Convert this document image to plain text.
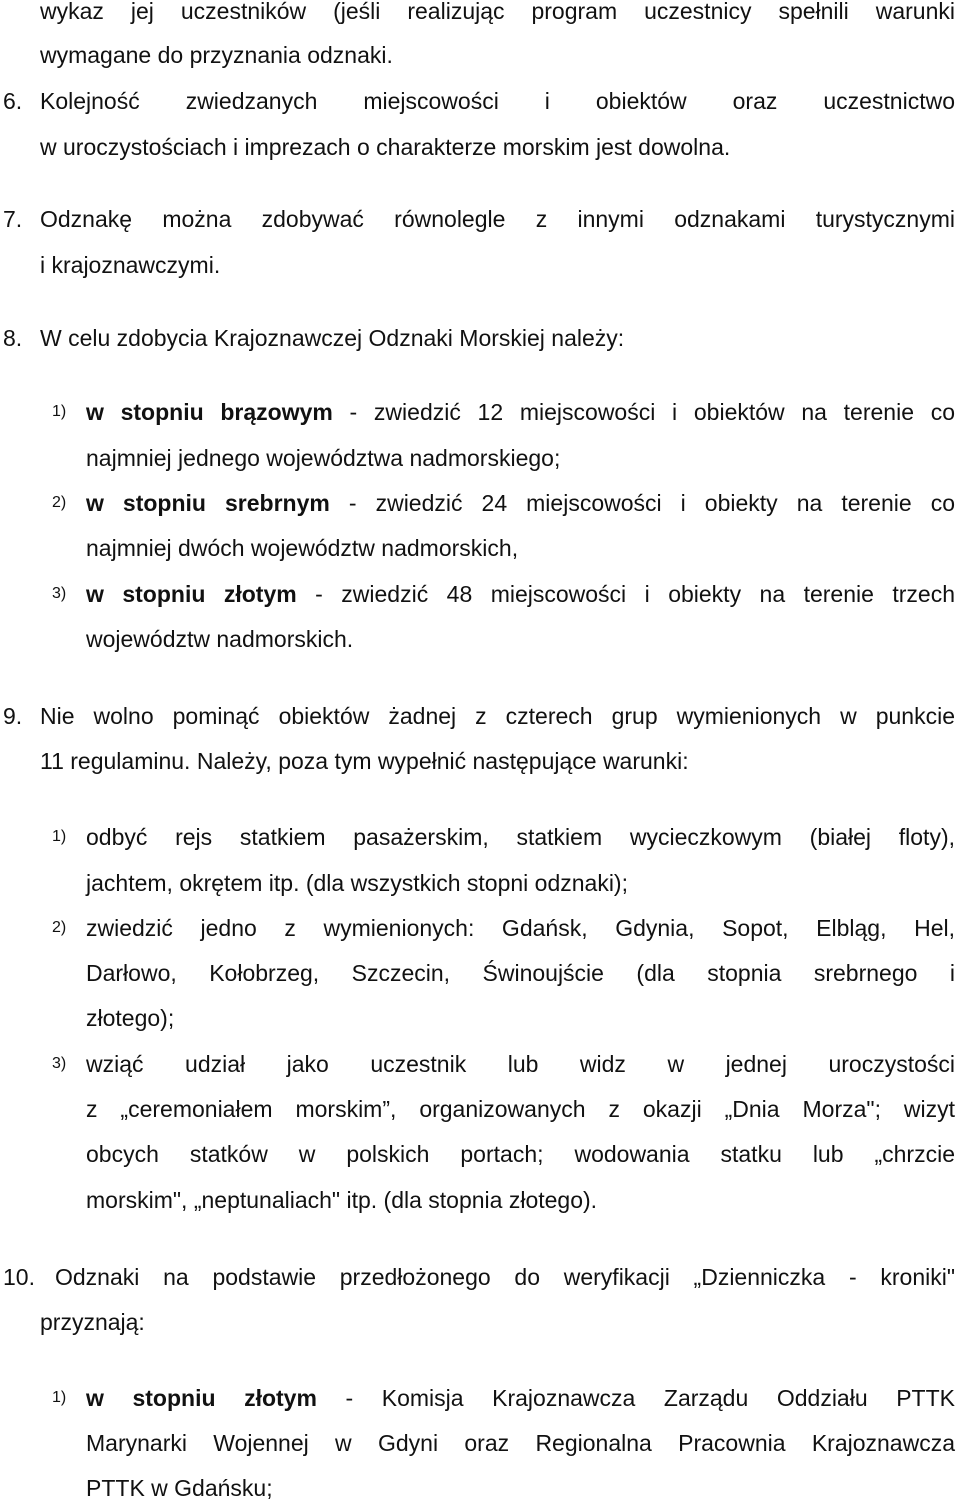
wykaz jej uczestników (jeśli realizując program uczestnicy spełnili warunki
wymagane do przyznania odznaki.
6. Kolejność zwiedzanych miejscowości i obiektów oraz uczestnictwo
w uroczystościach i imprezach o charakterze morskim jest dowolna.
7. Odznakę można zdobywać równolegle z innymi odznakami turystycznymi
i krajoznawczymi.
8. W celu zdobycia Krajoznawczej Odznaki Morskiej należy:
1) w stopniu brązowym - zwiedzić 12 miejscowości i obiektów na terenie co
najmniej jednego województwa nadmorskiego;
2) w stopniu srebrnym - zwiedzić 24 miejscowości i obiekty na terenie co
najmniej dwóch województw nadmorskich,
3) w stopniu złotym - zwiedzić 48 miejscowości i obiekty na terenie trzech
województw nadmorskich.
9. Nie wolno pominąć obiektów żadnej z czterech grup wymienionych w punkcie
11 regulaminu. Należy, poza tym wypełnić następujące warunki:
1) odbyć rejs statkiem pasażerskim, statkiem wycieczkowym (białej floty),
jachtem, okrętem itp. (dla wszystkich stopni odznaki);
2) zwiedzić jedno z wymienionych: Gdańsk, Gdynia, Sopot, Elbląg, Hel,
Darłowo, Kołobrzeg, Szczecin, Świnoujście (dla stopnia srebrnego i
złotego);
3) wziąć udział jako uczestnik lub widz w jednej uroczystości
z „ceremoniałem morskim”, organizowanych z okazji „Dnia Morza"; wizyt
obcych statków w polskich portach; wodowania statku lub „chrzcie
morskim", „neptunaliach" itp. (dla stopnia złotego).
10. Odznaki na podstawie przedłożonego do weryfikacji „Dzienniczka - kroniki"
przyznają:
1) w stopniu złotym - Komisja Krajoznawcza Zarządu Oddziału PTTK
Marynarki Wojennej w Gdyni oraz Regionalna Pracownia Krajoznawcza
PTTK w Gdańsku;
